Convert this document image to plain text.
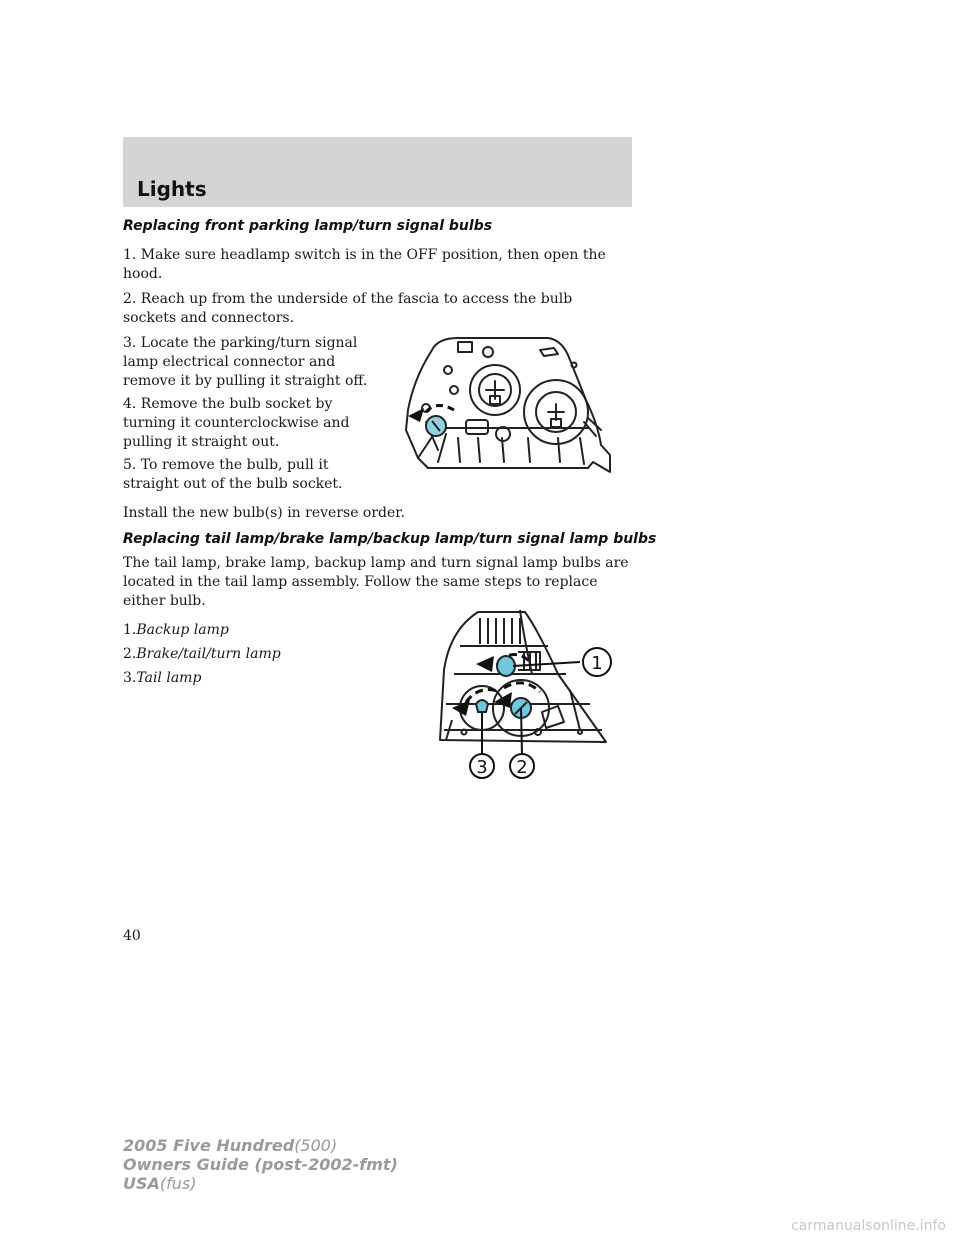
Lights

Replacing front parking lamp/turn signal bulbs

1. Make sure headlamp switch is in the OFF position, then open the hood.

2. Reach up from the underside of the fascia to access the bulb sockets and connectors.

3. Locate the parking/turn signal lamp electrical connector and remove it by pulling it straight off.

4. Remove the bulb socket by turning it counterclockwise and pulling it straight out.

5. To remove the bulb, pull it straight out of the bulb socket.

Install the new bulb(s) in reverse order.

Replacing tail lamp/brake lamp/backup lamp/turn signal lamp bulbs

The tail lamp, brake lamp, backup lamp and turn signal lamp bulbs are located in the tail lamp assembly. Follow the same steps to replace either bulb.

1.Backup lamp

2.Brake/tail/turn lamp

3.Tail lamp

1
2
3
40
2005 Five Hundred(500)
Owners Guide (post-2002-fmt)
USA(fus)
carmanualsonline.info
